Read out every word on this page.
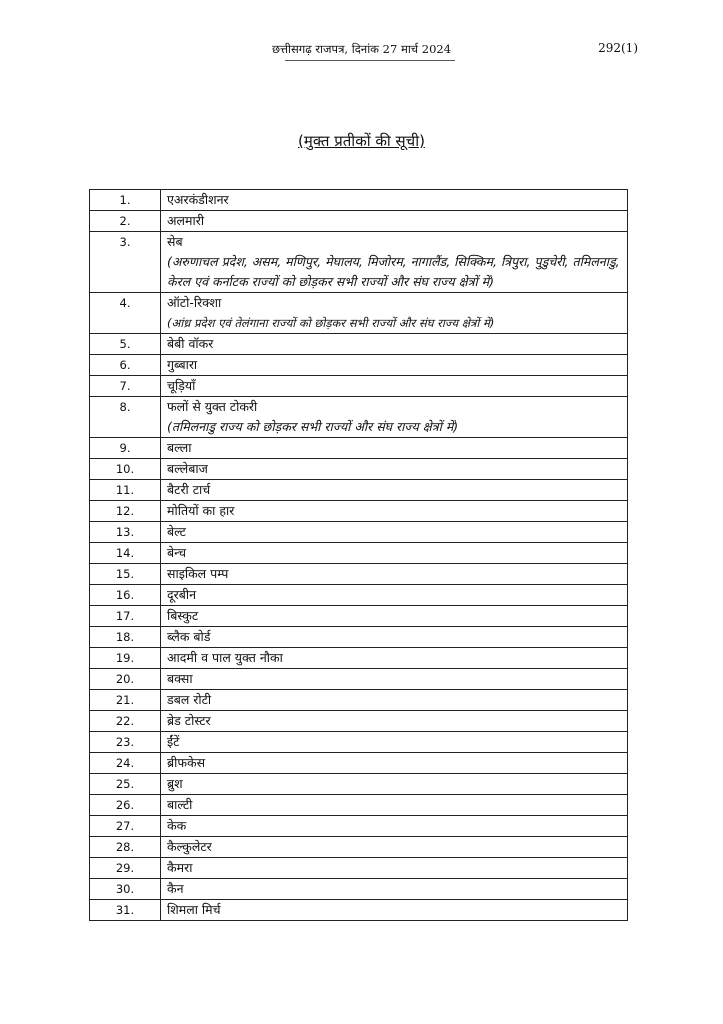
छत्तीसगढ़ राजपत्र, दिनांक 27 मार्च 2024	292(1)
(मुक्त प्रतीकों की सूची)
1.	एअरकंडीशनर
2.	अलमारी
3.	सेब
(अरुणाचल प्रदेश, असम, मणिपुर, मेघालय, मिजोरम, नागालैंड, सिक्किम, त्रिपुरा, पुडुचेरी, तमिलनाडु, केरल एवं कर्नाटक राज्यों को छोड़कर सभी राज्यों और संघ राज्य क्षेत्रों में)

4.	ऑटो-रिक्शा
(आंध्र प्रदेश एवं तेलंगाना राज्यों को छोड़कर सभी राज्यों और संघ राज्य क्षेत्रों में)

5.	बेबी वॉकर
6.	गुब्बारा
7.	चूड़ियाँ
8.	फलों से युक्त टोकरी
(तमिलनाडु राज्य को छोड़कर सभी राज्यों और संघ राज्य क्षेत्रों में)

9.	बल्ला
10.	बल्लेबाज
11.	बैटरी टार्च
12.	मोतियों का हार
13.	बेल्ट
14.	बेन्च
15.	साइकिल पम्प
16.	दूरबीन
17.	बिस्कुट
18.	ब्लैक बोर्ड
19.	आदमी व पाल युक्त नौका
20.	बक्सा
21.	डबल रोटी
22.	ब्रेड टोस्टर
23.	ईंटें
24.	ब्रीफकेस
25.	ब्रुश
26.	बाल्टी
27.	केक
28.	कैल्कुलेटर
29.	कैमरा
30.	कैन
31.	शिमला मिर्च
